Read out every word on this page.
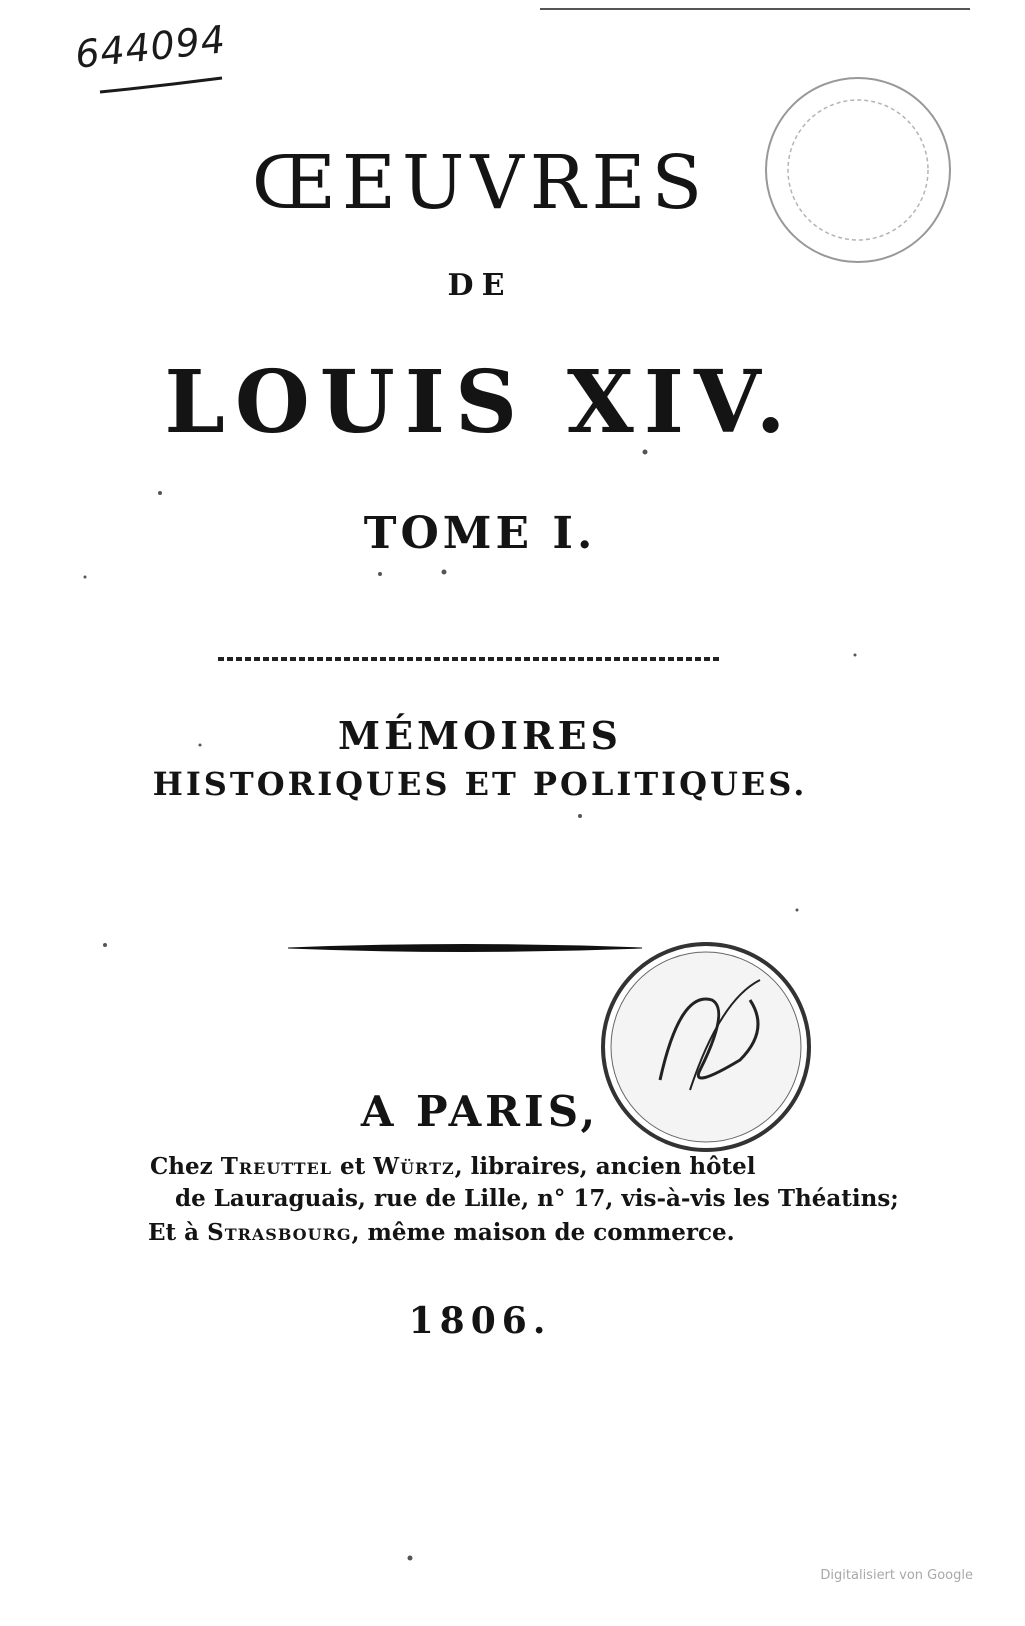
644094
ŒEUVRES
DE
LOUIS XIV.
TOME I.
MÉMOIRES
HISTORIQUES ET POLITIQUES.
A PARIS,
Chez Treuttel et Würtz, libraires, ancien hôtel
de Lauraguais, rue de Lille, n° 17, vis-à-vis les Théatins;
Et à Strasbourg, même maison de commerce.
1806.
Digitalisiert von Google
